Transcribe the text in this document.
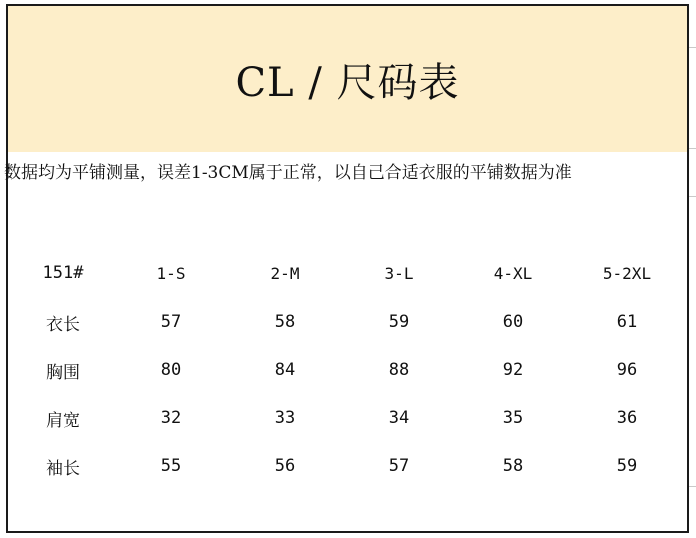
CL / 尺码表
数据均为平铺测量，误差1-3CM属于正常，以自己合适衣服的平铺数据为准
151#	1-S	2-M	3-L	4-XL	5-2XL
衣长	57	58	59	60	61
胸围	80	84	88	92	96
肩宽	32	33	34	35	36
袖长	55	56	57	58	59
